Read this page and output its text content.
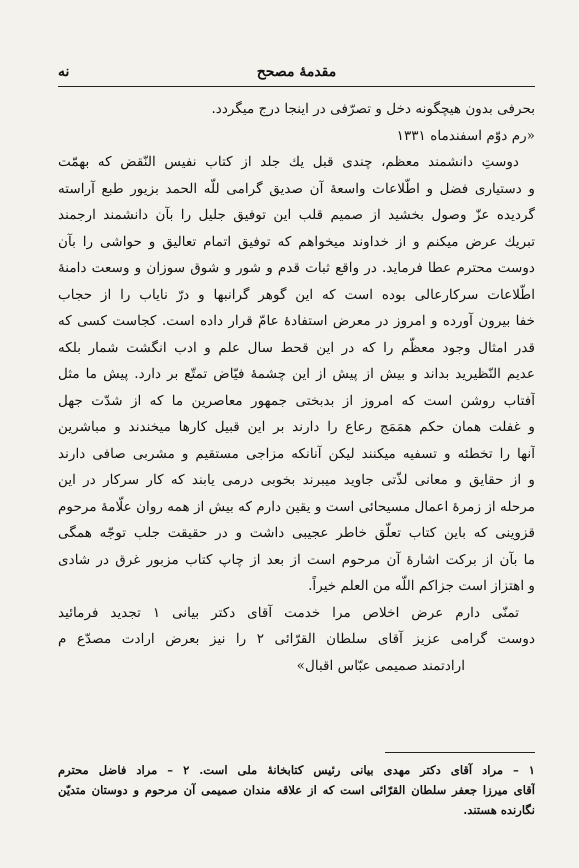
نه	مقدمهٔ مصحح
بحرفی بدون هیچگونه دخل و تصرّفی در اینجا درج میگردد.
«رم دوّم اسفندماه ۱۳۳۱
دوستِ دانشمند معظم، چندی قبل یك جلد از کتاب نفیس النّقض که بهمّت
و دستیاری فضل و اطّلاعات واسعهٔ آن صدیق گرامی للّه الحمد بزیور طبع آراسته
گردیده عزّ وصول بخشید از صمیم قلب این توفیق جلیل را بآن دانشمند ارجمند
تبریك عرض میکنم و از خداوند میخواهم که توفیق اتمام تعالیق و حواشی را بآن
دوست محترم عطا فرماید. در واقع ثبات قدم و شور و شوق سوزان و وسعت دامنهٔ
اطّلاعات سرکارعالی بوده است که این گوهر گرانبها و درّ نایاب را از حجاب
خفا بیرون آورده و امروز در معرض استفادهٔ عامّ قرار داده است. کجاست کسی که
قدر امثال وجود معظّم را که در این قحط سال علم و ادب انگشت شمار بلکه
عدیم النّظیرید بداند و بیش از پیش از این چشمهٔ فیّاض تمتّع بر دارد. پیش ما مثل
آفتاب روشن است که امروز از بدبختی جمهور معاصرین ما که از شدّت جهل
و غفلت همان حکم همَمَج رعاع را دارند بر این قبیل کارها میخندند و مباشرین
آنها را تخطئه و تسفیه میکنند لیکن آنانکه مزاجی مستقیم و مشربی صافی دارند
و از حقایق و معانی لذّتی جاوید میبرند بخوبی درمی یابند که کار سرکار در این
مرحله از زمرهٔ اعمال مسیحائی است و یقین دارم که بیش از همه روان علّامهٔ مرحوم
قزوینی که باین کتاب تعلّق خاطر عجیبی داشت و در حقیقت جلب توجّه همگی
ما بآن از برکت اشارهٔ آن مرحوم است از بعد از چاپ کتاب مزبور غرق در شادی
و اهتزاز است جزاكم اللّه من العلم خیراً.
تمنّی دارم عرض اخلاص مرا خدمت آقای دکتر بیانی ۱ تجدید فرمائید
دوست گرامی عزیز آقای سلطان القرّائی ۲ را نیز بعرض ارادت مصدّع م
ارادتمند صمیمی عبّاس اقبال»
۱ – مراد آقای دکتر مهدی بیانی رئیس کتابخانهٔ ملی است. ۲ – مراد فاضل محترم
آقای میرزا جعفر سلطان القرّائی است که از علاقه مندان صمیمی آن مرحوم و دوستان متدیّن
نگارنده هستند.
